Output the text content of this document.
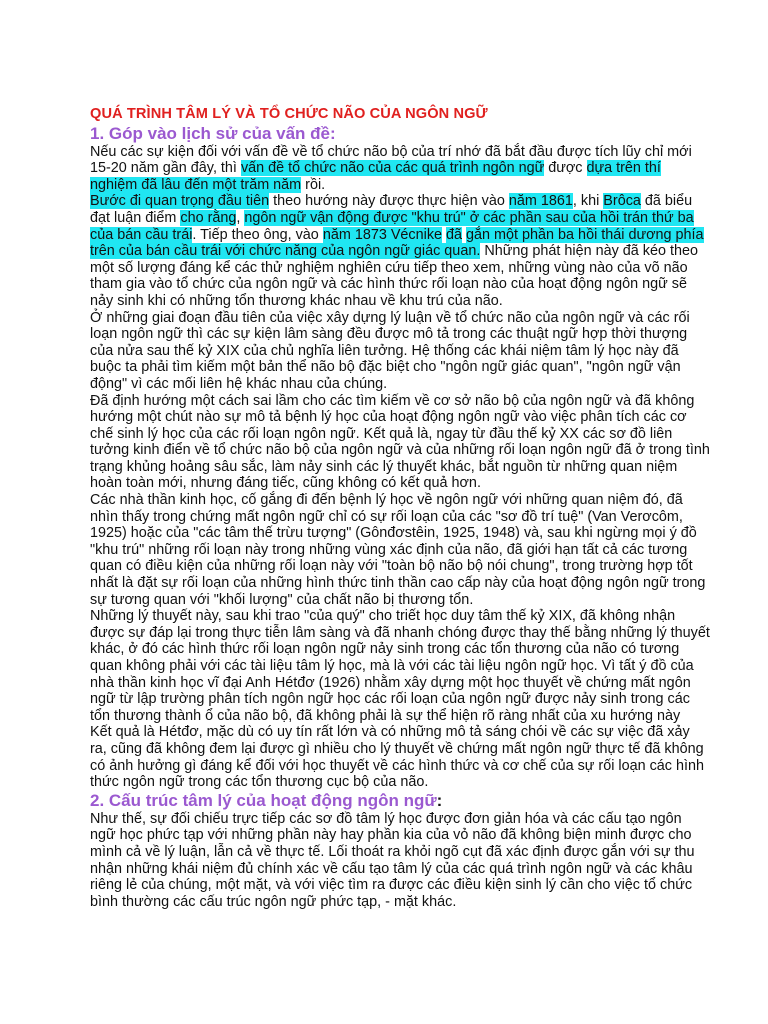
QUÁ TRÌNH TÂM LÝ VÀ TỔ CHỨC NÃO CỦA NGÔN NGỮ
1. Góp vào lịch sử của vấn đề:

Nếu các sự kiện đối với vấn đề về tổ chức não bộ của trí nhớ đã bắt đầu được tích lũy chỉ mới 15-20 năm gần đây, thì vấn đề tổ chức não của các quá trình ngôn ngữ được dựa trên thí nghiệm đã lâu đến một trăm năm rồi.

Bước đi quan trọng đầu tiên theo hướng này được thực hiện vào năm 1861, khi Brôca đã biểu đạt luận điểm cho rằng, ngôn ngữ vận động được "khu trú" ở các phần sau của hồi trán thứ ba của bán cầu trái. Tiếp theo ông, vào năm 1873 Vécnike đã gắn một phần ba hồi thái dương phía trên của bán cầu trái với chức năng của ngôn ngữ giác quan. Những phát hiện này đã kéo theo một số lượng đáng kể các thử nghiệm nghiên cứu tiếp theo xem, những vùng nào của võ não tham gia vào tổ chức của ngôn ngữ và các hình thức rối loạn nào của hoạt động ngôn ngữ sẽ nảy sinh khi có những tổn thương khác nhau về khu trú của não.

Ở những giai đoạn đầu tiên của việc xây dựng lý luận về tổ chức não của ngôn ngữ và các rối loạn ngôn ngữ thì các sự kiện lâm sàng đều được mô tả trong các thuật ngữ hợp thời thượng của nửa sau thế kỷ XIX của chủ nghĩa liên tưởng. Hệ thống các khái niệm tâm lý học này đã buộc ta phải tìm kiếm một bản thể não bộ đặc biệt cho "ngôn ngữ giác quan", "ngôn ngữ vận động" vì các mối liên hệ khác nhau của chúng.

Đã định hướng một cách sai lầm cho các tìm kiếm về cơ sở não bộ của ngôn ngữ và đã không hướng một chút nào sự mô tả bệnh lý học của hoạt động ngôn ngữ vào việc phân tích các cơ chế sinh lý học của các rối loạn ngôn ngữ. Kết quả là, ngay từ đầu thế kỷ XX các sơ đồ liên tưởng kinh điển về tổ chức não bộ của ngôn ngữ và của những rối loạn ngôn ngữ đã ở trong tình trạng khủng hoảng sâu sắc, làm nảy sinh các lý thuyết khác, bắt nguồn từ những quan niệm hoàn toàn mới, nhưng đáng tiếc, cũng không có kết quả hơn.

Các nhà thần kinh học, cố gắng đi đến bệnh lý học về ngôn ngữ với những quan niệm đó, đã nhìn thấy trong chứng mất ngôn ngữ chỉ có sự rối loạn của các "sơ đồ trí tuệ" (Van Verơcôm, 1925) hoặc của "các tâm thế trừu tượng" (Gônđơstêin, 1925, 1948) và, sau khi ngừng mọi ý đồ "khu trú" những rối loạn này trong những vùng xác định của não, đã giới hạn tất cả các tương quan có điều kiện của những rối loạn này với "toàn bộ não bộ nói chung", trong trường hợp tốt nhất là đặt sự rối loạn của những hình thức tinh thần cao cấp này của hoạt động ngôn ngữ trong sự tương quan với "khối lượng" của chất não bị thương tổn.

Những lý thuyết này, sau khi trao "của quý" cho triết học duy tâm thế kỷ XIX, đã không nhận được sự đáp lại trong thực tiễn lâm sàng và đã nhanh chóng được thay thế bằng những lý thuyết khác, ở đó các hình thức rối loạn ngôn ngữ nảy sinh trong các tổn thương của não có tương quan không phải với các tài liệu tâm lý học, mà là với các tài liệu ngôn ngữ học. Vì tất ý đồ của nhà thần kinh học vĩ đại Anh Hétđơ (1926) nhằm xây dựng một học thuyết về chứng mất ngôn ngữ từ lập trường phân tích ngôn ngữ học các rối loạn của ngôn ngữ được nảy sinh trong các tổn thương thành ổ của não bộ, đã không phải là sự thể hiện rõ ràng nhất của xu hướng này

Kết quả là Hétđơ, mặc dù có uy tín rất lớn và có những mô tả sáng chói về các sự việc đã xảy ra, cũng đã không đem lại được gì nhiều cho lý thuyết về chứng mất ngôn ngữ thực tế đã không có ảnh hưởng gì đáng kể đối với học thuyết về các hình thức và cơ chế của sự rối loạn các hình thức ngôn ngữ trong các tổn thương cục bộ của não.

2. Cấu trúc tâm lý của hoạt động ngôn ngữ:

Như thế, sự đối chiếu trực tiếp các sơ đồ tâm lý học được đơn giản hóa và các cấu tạo ngôn ngữ học phức tạp với những phần này hay phần kia của vỏ não đã không biện minh được cho mình cả về lý luận, lẫn cả về thực tế. Lối thoát ra khỏi ngõ cụt đã xác định được gắn với sự thu nhận những khái niệm đủ chính xác về cấu tạo tâm lý của các quá trình ngôn ngữ và các khâu riêng lẻ của chúng, một mặt, và với việc tìm ra được các điều kiện sinh lý cần cho việc tổ chức bình thường các cấu trúc ngôn ngữ phức tạp, - mặt khác.
